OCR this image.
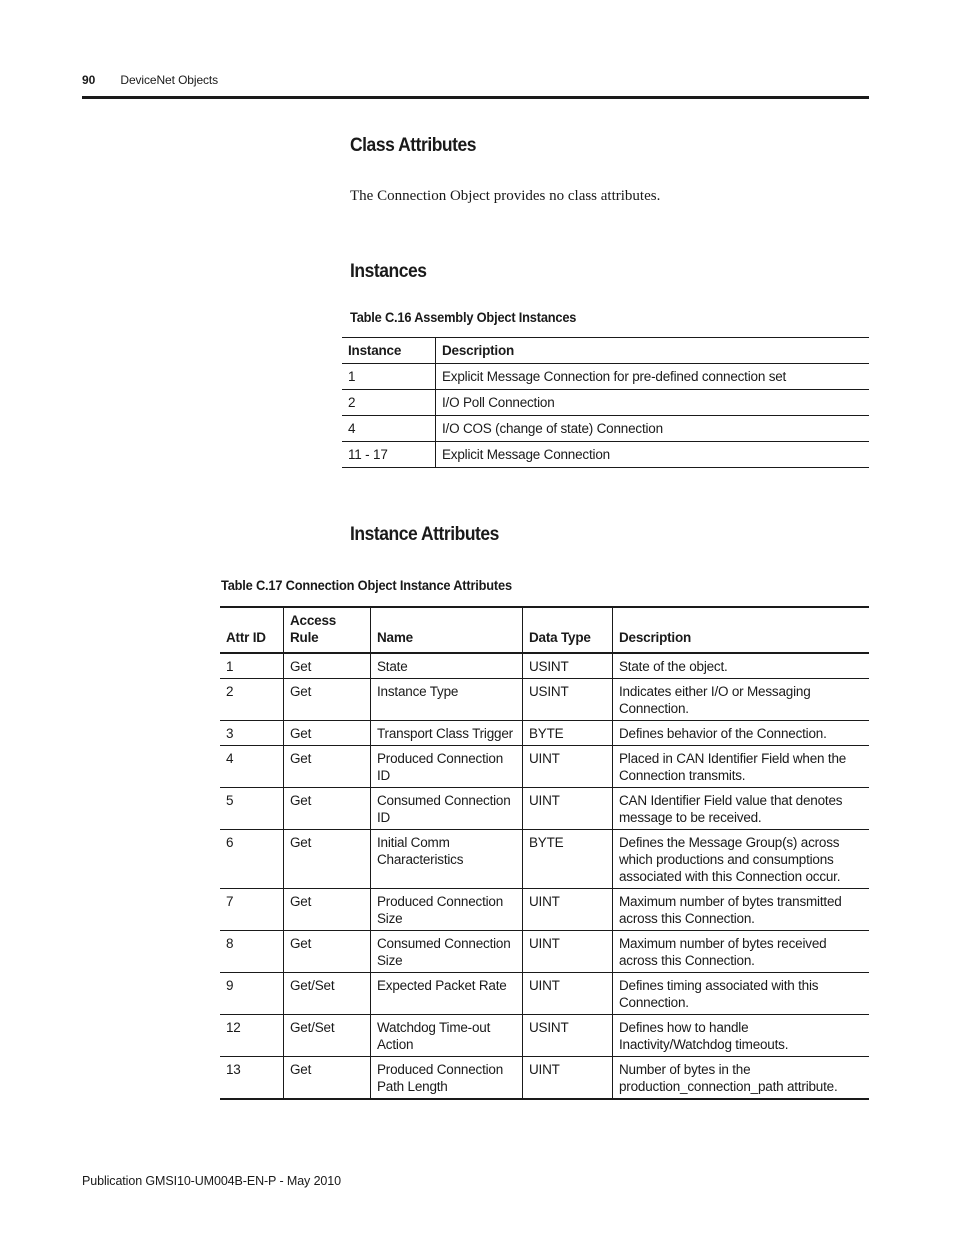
90 DeviceNet Objects
Class Attributes
The Connection Object provides no class attributes.
Instances
Table C.16 Assembly Object Instances
Instance	Description
1	Explicit Message Connection for pre-defined connection set
2	I/O Poll Connection
4	I/O COS (change of state) Connection
11 - 17	Explicit Message Connection
Instance Attributes
Table C.17 Connection Object Instance Attributes
Attr ID	Access Rule	Name	Data Type	Description
1	Get	State	USINT	State of the object.
2	Get	Instance Type	USINT	Indicates either I/O or Messaging Connection.
3	Get	Transport Class Trigger	BYTE	Defines behavior of the Connection.
4	Get	Produced Connection ID	UINT	Placed in CAN Identifier Field when the Connection transmits.
5	Get	Consumed Connection ID	UINT	CAN Identifier Field value that denotes message to be received.
6	Get	Initial Comm Characteristics	BYTE	Defines the Message Group(s) across which productions and consumptions associated with this Connection occur.
7	Get	Produced Connection Size	UINT	Maximum number of bytes transmitted across this Connection.
8	Get	Consumed Connection Size	UINT	Maximum number of bytes received across this Connection.
9	Get/Set	Expected Packet Rate	UINT	Defines timing associated with this Connection.
12	Get/Set	Watchdog Time-out Action	USINT	Defines how to handle Inactivity/Watchdog timeouts.
13	Get	Produced Connection Path Length	UINT	Number of bytes in the production_connection_path attribute.
Publication GMSI10-UM004B-EN-P - May 2010
